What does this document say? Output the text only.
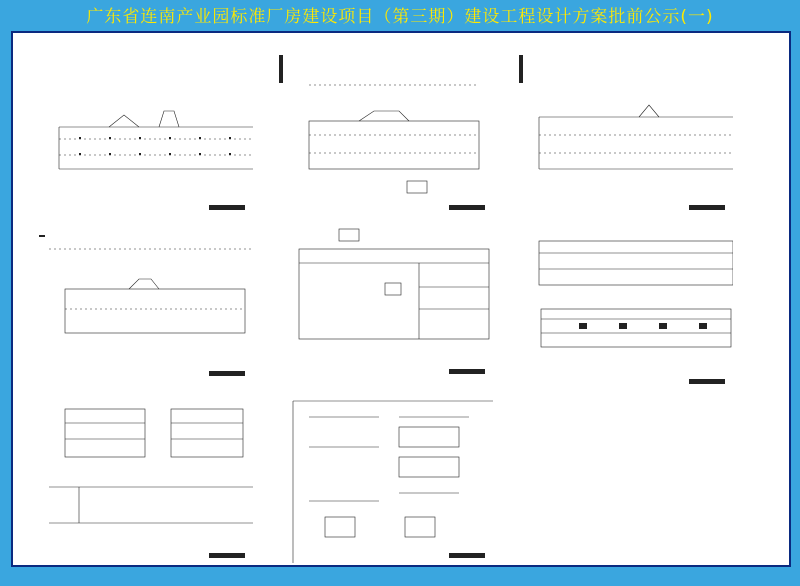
广东省连南产业园标准厂房建设项目（第三期）建设工程设计方案批前公示(一)
